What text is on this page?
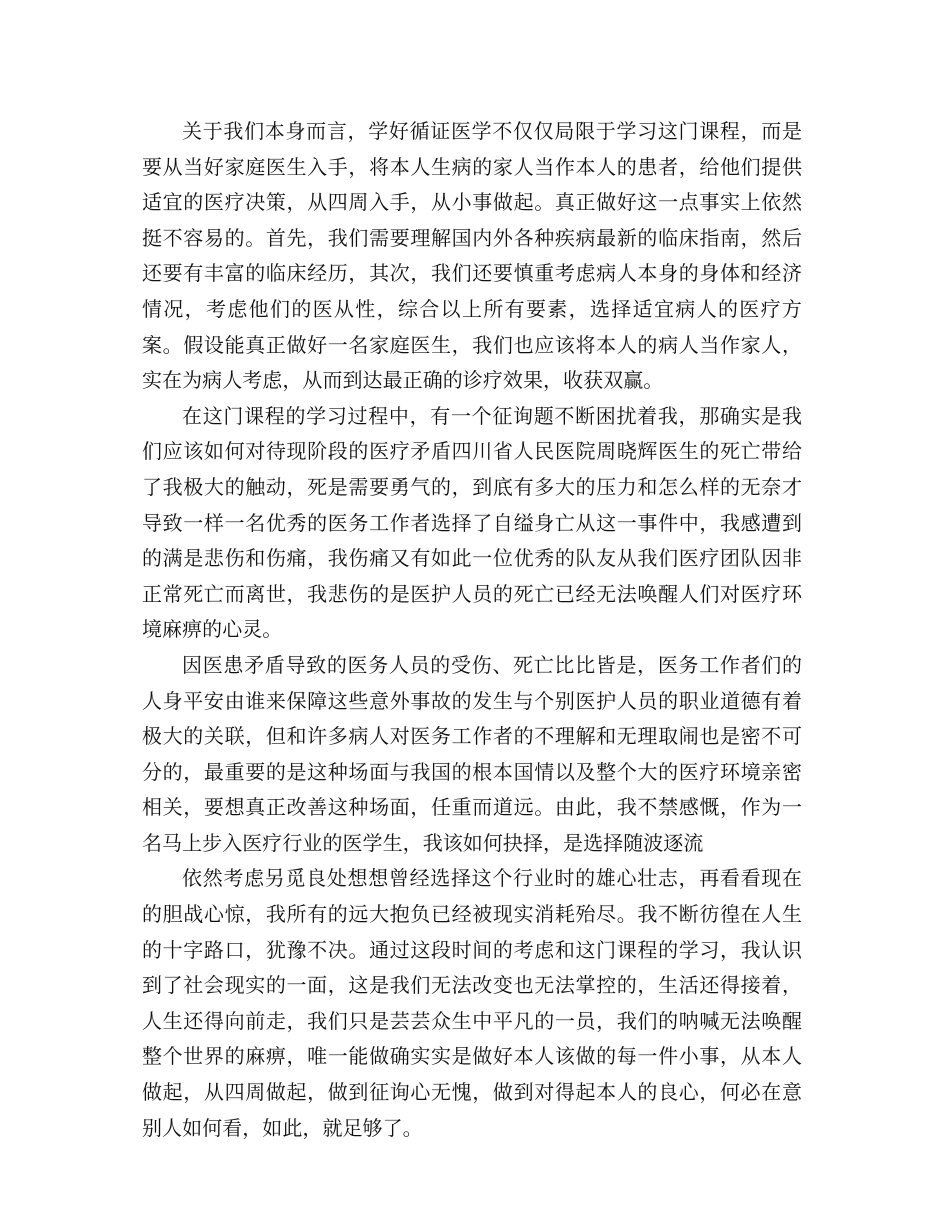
关于我们本身而言，学好循证医学不仅仅局限于学习这门课程，而是要从当好家庭医生入手，将本人生病的家人当作本人的患者，给他们提供适宜的医疗决策，从四周入手，从小事做起。真正做好这一点事实上依然挺不容易的。首先，我们需要理解国内外各种疾病最新的临床指南，然后还要有丰富的临床经历，其次，我们还要慎重考虑病人本身的身体和经济情况，考虑他们的医从性，综合以上所有要素，选择适宜病人的医疗方案。假设能真正做好一名家庭医生，我们也应该将本人的病人当作家人，实在为病人考虑，从而到达最正确的诊疗效果，收获双赢。

在这门课程的学习过程中，有一个征询题不断困扰着我，那确实是我们应该如何对待现阶段的医疗矛盾四川省人民医院周晓辉医生的死亡带给了我极大的触动，死是需要勇气的，到底有多大的压力和怎么样的无奈才导致一样一名优秀的医务工作者选择了自缢身亡从这一事件中，我感遭到的满是悲伤和伤痛，我伤痛又有如此一位优秀的队友从我们医疗团队因非正常死亡而离世，我悲伤的是医护人员的死亡已经无法唤醒人们对医疗环境麻痹的心灵。

因医患矛盾导致的医务人员的受伤、死亡比比皆是，医务工作者们的人身平安由谁来保障这些意外事故的发生与个别医护人员的职业道德有着极大的关联，但和许多病人对医务工作者的不理解和无理取闹也是密不可分的，最重要的是这种场面与我国的根本国情以及整个大的医疗环境亲密相关，要想真正改善这种场面，任重而道远。由此，我不禁感慨，作为一名马上步入医疗行业的医学生，我该如何抉择，是选择随波逐流

依然考虑另觅良处想想曾经选择这个行业时的雄心壮志，再看看现在的胆战心惊，我所有的远大抱负已经被现实消耗殆尽。我不断彷徨在人生的十字路口，犹豫不决。通过这段时间的考虑和这门课程的学习，我认识到了社会现实的一面，这是我们无法改变也无法掌控的，生活还得接着，人生还得向前走，我们只是芸芸众生中平凡的一员，我们的呐喊无法唤醒整个世界的麻痹，唯一能做确实实是做好本人该做的每一件小事，从本人做起，从四周做起，做到征询心无愧，做到对得起本人的良心，何必在意别人如何看，如此，就足够了。
